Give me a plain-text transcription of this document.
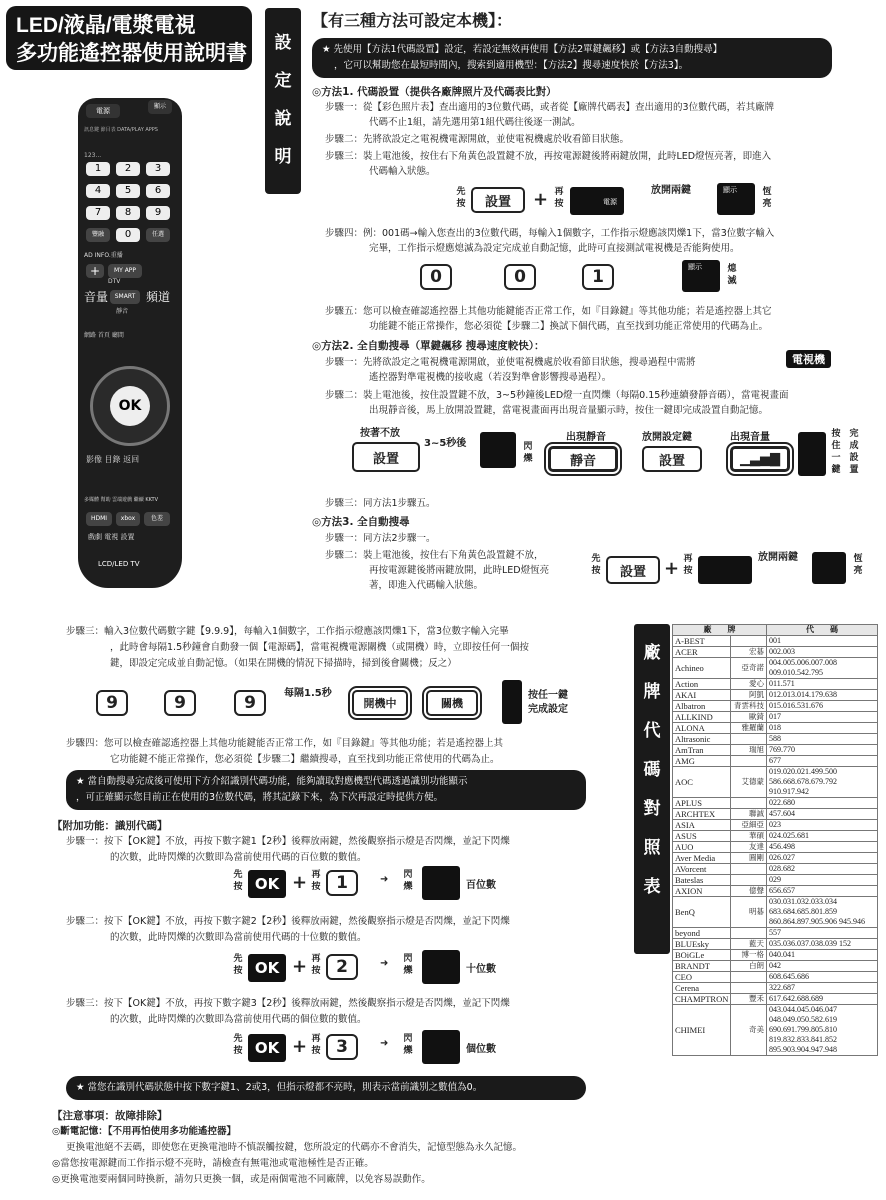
LED/液晶/電漿電視
多功能遙控器使用說明書
電源
顯示
訊息鍵 節目表 DATA/PLAY APPS
123...
1	2	3
4	5	6
7	8	9
豐融	0	任選
AD INFO.重播
+	MY APP
DTV
音量	頻道
SMART
靜音
網路 首頁 廳間
OK
影像 目錄 返回
多媒體 幫助 雲端遊戲 繼續 KKTV
HDMI	xbox	色差
戲劇 電視 設置
LCD/LED TV
設
定
說
明
【有三種方法可設定本機】：
★ 先使用【方法1代碼設置】設定，若設定無效再使用【方法2單鍵飆移】或【方法3自動搜尋】
，它可以幫助您在最短時間內，搜索到適用機型：【方法2】搜尋速度快於【方法3】。
◎方法1. 代碼設置（提供各廠牌照片及代碼表比對）
步驟一：從【彩色照片表】查出適用的3位數代碼，或者從【廠牌代碼表】查出適用的3位數代碼，若其廠牌
代碼不止1組，請先選用第1組代碼往後逐一測試。
步驟二：先將欲設定之電視機電源開啟，並使電視機處於收看節目狀態。
步驟三：裝上電池後，按住右下角黃色設置鍵不放，再按電源鍵後將兩鍵放開，此時LED燈恆亮著，即進入
代碼輸入狀態。
先
按	設置	+ 再
按	電源
放開兩鍵	顯示	恆
亮
步驟四：例：001碼→輸入您查出的3位數代碼，每輸入1個數字，工作指示燈應該閃爍1下，當3位數字輸入
完畢，工作指示燈應熄滅為設定完成並自動記憶，此時可直接測試電視機是否能夠使用。
0	0	1	顯示	熄
滅
步驟五：您可以檢查確認遙控器上其他功能鍵能否正常工作，如『目錄鍵』等其他功能；若是遙控器上其它
功能鍵不能正常操作，您必須從【步驟二】換試下個代碼，直至找到功能正常使用的代碼為止。
◎方法2. 全自動搜尋（單鍵飆移 搜尋速度較快）：
電視機
步驟一：先將欲設定之電視機電源開啟，並使電視機處於收看節目狀態，搜尋過程中需將
遙控器對準電視機的接收處（若沒對準會影響搜尋過程）。
步驟二：裝上電池後，按住設置鍵不放，3~5秒鐘後LED燈一直閃爍（每隔0.15秒連續發靜音碼），當電視畫面
出現靜音後，馬上放開設置鍵，當電視畫面再出現音量顯示時，按住一鍵即完成設置自動記憶。
按著不放
設置
3~5秒後	閃
爍
出現靜音
靜音
放開設定鍵
設置
出現音量
▁▃▅▇
按住一鍵
完成設置
步驟三：同方法1步驟五。
◎方法3. 全自動搜尋
步驟一：同方法2步驟一。
步驟二：裝上電池後，按住右下角黃色設置鍵不放，
再按電源鍵後將兩鍵放開，此時LED燈恆亮
著，即進入代碼輸入狀態。
先
按	設置	+ 再
按
放開兩鍵	恆
亮
步驟三：輸入3位數代碼數字鍵【9.9.9】，每輸入1個數字，工作指示燈應該閃爍1下，當3位數字輸入完畢
，此時會每隔1.5秒鐘會自動發一個【電源碼】，當電視機電源關機（或開機）時，立即按任何一個按
鍵，即設定完成並自動記憶。（如果在開機的情況下掃描時，掃到後會關機；反之）
9	9	9	每隔1.5秒
開機中	關機
按任一鍵
完成設定
步驟四：您可以檢查確認遙控器上其他功能鍵能否正常工作，如『目錄鍵』等其他功能；若是遙控器上其
它功能鍵不能正常操作，您必須從【步驟二】繼續搜尋，直至找到功能正常使用的代碼為止。
★ 當自動搜尋完成後可使用下方介紹識別代碼功能，能夠讀取對應機型代碼透過識別功能顯示
，可正確顯示您目前正在使用的3位數代碼，將其記錄下來，為下次再設定時提供方便。
【附加功能：識別代碼】
步驟一：按下【OK鍵】不放，再按下數字鍵1【2秒】後釋放兩鍵，然後觀察指示燈是否閃爍，並記下閃爍
的次數，此時閃爍的次數即為當前使用代碼的百位數的數值。
先
按 OK + 再
按 1	➜ 閃
爍	百位數
步驟二：按下【OK鍵】不放，再按下數字鍵2【2秒】後釋放兩鍵，然後觀察指示燈是否閃爍，並記下閃爍
的次數，此時閃爍的次數即為當前使用代碼的十位數的數值。
先
按 OK + 再
按 2	➜ 閃
爍	十位數
步驟三：按下【OK鍵】不放，再按下數字鍵3【2秒】後釋放兩鍵，然後觀察指示燈是否閃爍，並記下閃爍
的次數，此時閃爍的次數即為當前使用代碼的個位數的數值。
先
按 OK + 再
按 3	➜ 閃
爍	個位數
★ 當您在識別代碼狀態中按下數字鍵1、2或3，但指示燈都不亮時，則表示當前識別之數值為0。
【注意事項：故障排除】
◎斷電記憶：【不用再怕使用多功能遙控器】
更換電池絕不丟碼，即使您在更換電池時不慎誤觸按鍵，您所設定的代碼亦不會消失，記憶型態為永久記憶。
◎當您按電源鍵而工作指示燈不亮時，請檢查有無電池或電池極性是否正確。
◎更換電池要兩個同時換新，請勿只更換一個，或是兩個電池不同廠牌，以免容易誤動作。
廠
牌
代
碼
對
照
表
廠　　牌		代　　碼
A-BEST		001
ACER	宏碁	002.003
Achineo	亞奇諾	004.005.006.007.008 009.010.542.795
Action	愛心	011.571
AKAI	阿凱	012.013.014.179.638
Albatron	青雲科技	015.016.531.676
ALLKIND	歐錡	017
ALONA	雅羅蘭	018
Altrasonic		588
AmTran	瑞旭	769.770
AMG		677
AOC	艾德蒙	019.020.021.499.500 586.668.678.679.792 910.917.942
APLUS		022.680
ARCHTEX	聯誠	457.604
ASIA	亞細亞	023
ASUS	華碩	024.025.681
AUO	友達	456.498
Aver Media	圓剛	026.027
AVorcent		028.682
Bateslas		029
AXION	億聲	656.657
BenQ	明碁	030.031.032.033.034 683.684.685.801.859 860.864.897.905.906 945.946
beyond		557
BLUEsky	藍天	035.036.037.038.039 152
BOiGLe	博一格	040.041
BRANDT	白朗	042
CEO		608.645.686
Cerena		322.687
CHAMPTRON	豐禾	617.642.688.689
CHIMEI	奇美	043.044.045.046.047 048.049.050.582.619 690.691.799.805.810 819.832.833.841.852 895.903.904.947.948
